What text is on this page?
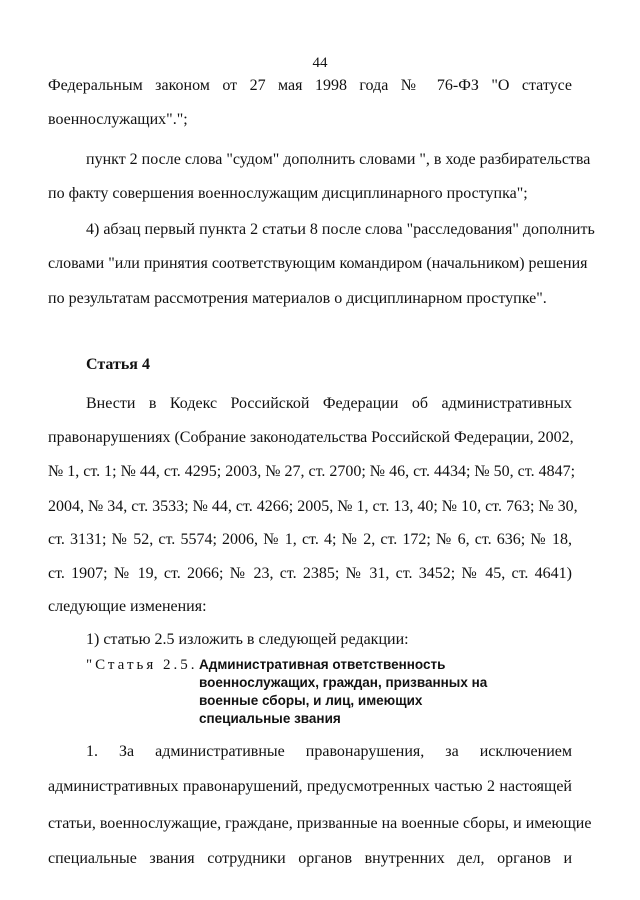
44
Федеральным законом от 27 мая 1998 года № 76-ФЗ "О статусе
военнослужащих".";
пункт 2 после слова "судом" дополнить словами ", в ходе разбирательства
по факту совершения военнослужащим дисциплинарного проступка";
4) абзац первый пункта 2 статьи 8 после слова "расследования" дополнить
словами "или принятия соответствующим командиром (начальником) решения
по результатам рассмотрения материалов о дисциплинарном проступке".
Статья 4
Внести в Кодекс Российской Федерации об административных
правонарушениях (Собрание законодательства Российской Федерации, 2002,
№ 1, ст. 1; № 44, ст. 4295; 2003, № 27, ст. 2700; № 46, ст. 4434; № 50, ст. 4847;
2004, № 34, ст. 3533; № 44, ст. 4266; 2005, № 1, ст. 13, 40; № 10, ст. 763; № 30,
ст. 3131; № 52, ст. 5574; 2006, № 1, ст. 4; № 2, ст. 172; № 6, ст. 636; № 18,
ст. 1907; № 19, ст. 2066; № 23, ст. 2385; № 31, ст. 3452; № 45, ст. 4641)
следующие изменения:
1) статью 2.5 изложить в следующей редакции:
"Статья 2.5. Административная ответственность
военнослужащих, граждан, призванных на
военные сборы, и лиц, имеющих
специальные звания
1. За административные правонарушения, за исключением
административных правонарушений, предусмотренных частью 2 настоящей
статьи, военнослужащие, граждане, призванные на военные сборы, и имеющие
специальные звания сотрудники органов внутренних дел, органов и
